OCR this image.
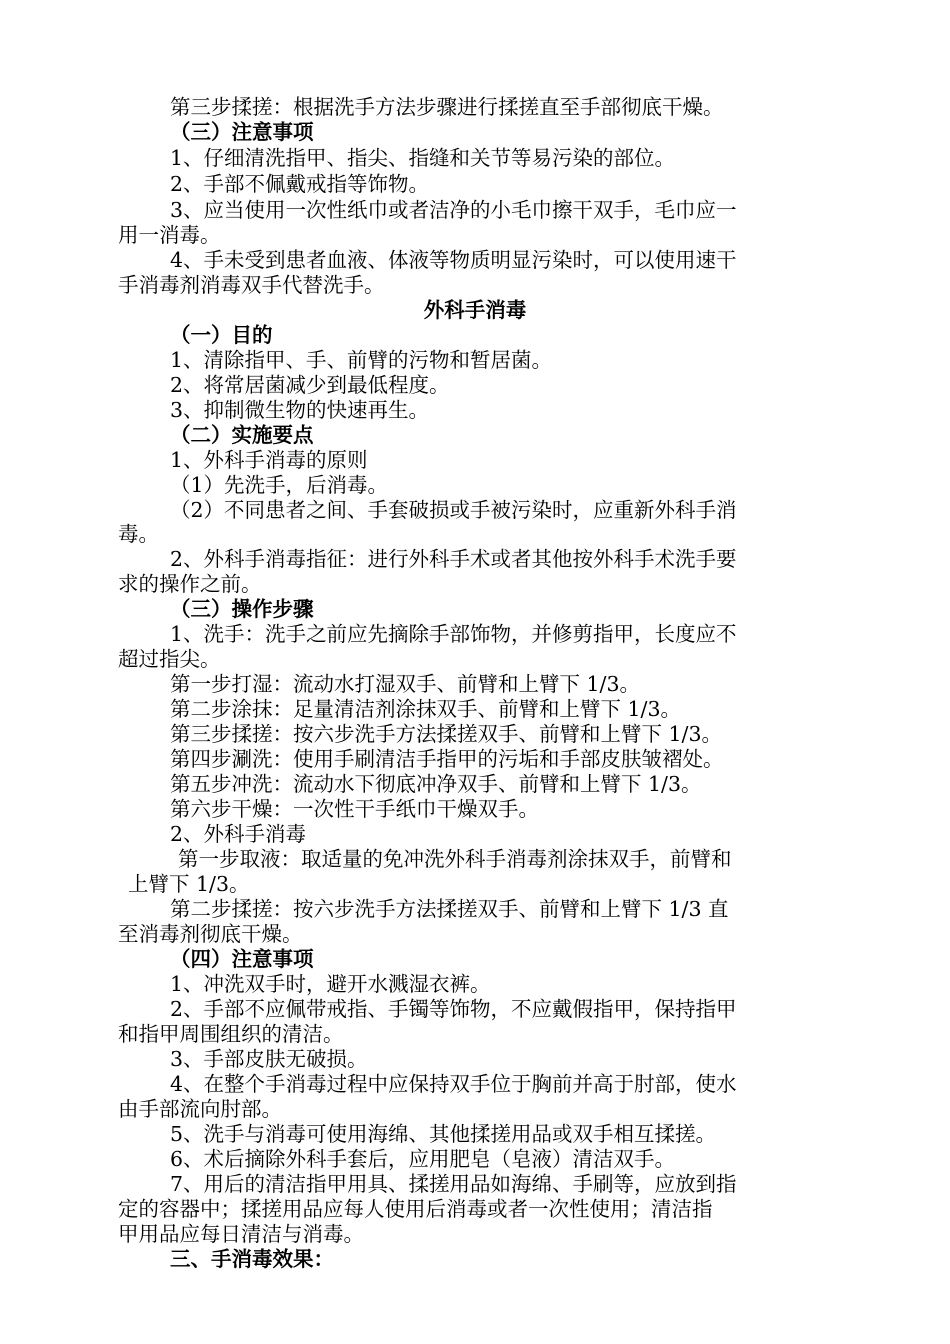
第三步揉搓：根据洗手方法步骤进行揉搓直至手部彻底干燥。
（三）注意事项
1、仔细清洗指甲、指尖、指缝和关节等易污染的部位。
2、手部不佩戴戒指等饰物。
3、应当使用一次性纸巾或者洁净的小毛巾擦干双手，毛巾应一
用一消毒。
4、手未受到患者血液、体液等物质明显污染时，可以使用速干
手消毒剂消毒双手代替洗手。
外科手消毒
（一）目的
1、清除指甲、手、前臂的污物和暂居菌。
2、将常居菌减少到最低程度。
3、抑制微生物的快速再生。
（二）实施要点
1、外科手消毒的原则
（1）先洗手，后消毒。
（2）不同患者之间、手套破损或手被污染时，应重新外科手消
毒。
2、外科手消毒指征：进行外科手术或者其他按外科手术洗手要
求的操作之前。
（三）操作步骤
1、洗手：洗手之前应先摘除手部饰物，并修剪指甲，长度应不
超过指尖。
第一步打湿：流动水打湿双手、前臂和上臂下 1/3。
第二步涂抹：足量清洁剂涂抹双手、前臂和上臂下 1/3。
第三步揉搓：按六步洗手方法揉搓双手、前臂和上臂下 1/3。
第四步涮洗：使用手刷清洁手指甲的污垢和手部皮肤皱褶处。
第五步冲洗：流动水下彻底冲净双手、前臂和上臂下 1/3。
第六步干燥：一次性干手纸巾干燥双手。
2、外科手消毒
第一步取液：取适量的免冲洗外科手消毒剂涂抹双手，前臂和
上臂下 1/3。
第二步揉搓：按六步洗手方法揉搓双手、前臂和上臂下 1/3 直
至消毒剂彻底干燥。
（四）注意事项
1、冲洗双手时，避开水溅湿衣裤。
2、手部不应佩带戒指、手镯等饰物，不应戴假指甲，保持指甲
和指甲周围组织的清洁。
3、手部皮肤无破损。
4、在整个手消毒过程中应保持双手位于胸前并高于肘部，使水
由手部流向肘部。
5、洗手与消毒可使用海绵、其他揉搓用品或双手相互揉搓。
6、术后摘除外科手套后，应用肥皂（皂液）清洁双手。
7、用后的清洁指甲用具、揉搓用品如海绵、手刷等，应放到指
定的容器中；揉搓用品应每人使用后消毒或者一次性使用；清洁指
甲用品应每日清洁与消毒。
三、手消毒效果：
